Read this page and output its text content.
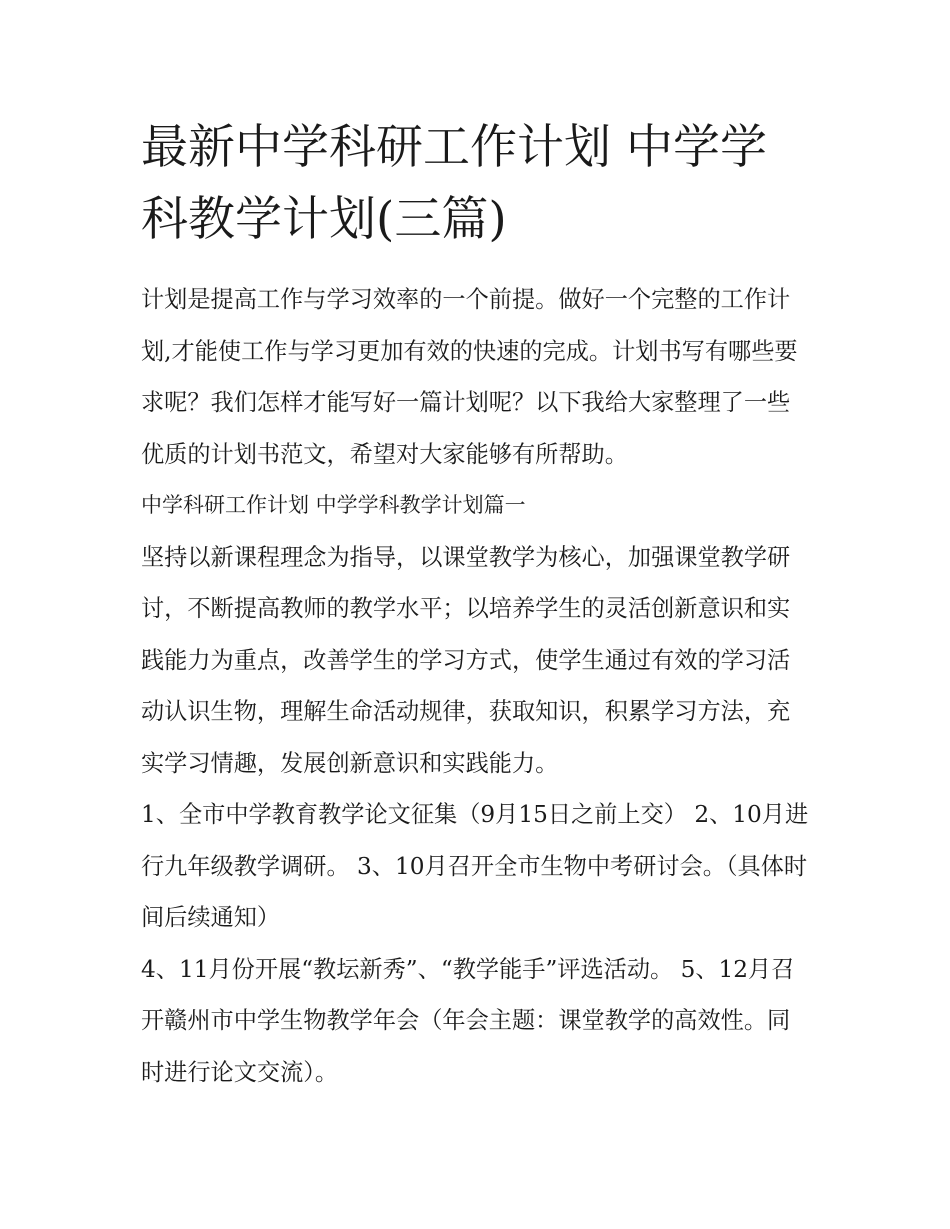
最新中学科研工作计划 中学学科教学计划(三篇)

计划是提高工作与学习效率的一个前提。做好一个完整的工作计划,才能使工作与学习更加有效的快速的完成。计划书写有哪些要求呢？我们怎样才能写好一篇计划呢？以下我给大家整理了一些优质的计划书范文，希望对大家能够有所帮助。

中学科研工作计划 中学学科教学计划篇一

坚持以新课程理念为指导，以课堂教学为核心，加强课堂教学研讨，不断提高教师的教学水平；以培养学生的灵活创新意识和实践能力为重点，改善学生的学习方式，使学生通过有效的学习活动认识生物，理解生命活动规律，获取知识，积累学习方法，充实学习情趣，发展创新意识和实践能力。

1、全市中学教育教学论文征集（9月15日之前上交） 2、10月进行九年级教学调研。 3、10月召开全市生物中考研讨会。（具体时间后续通知）

4、11月份开展“教坛新秀”、“教学能手”评选活动。 5、12月召开赣州市中学生物教学年会（年会主题：课堂教学的高效性。同时进行论文交流）。
